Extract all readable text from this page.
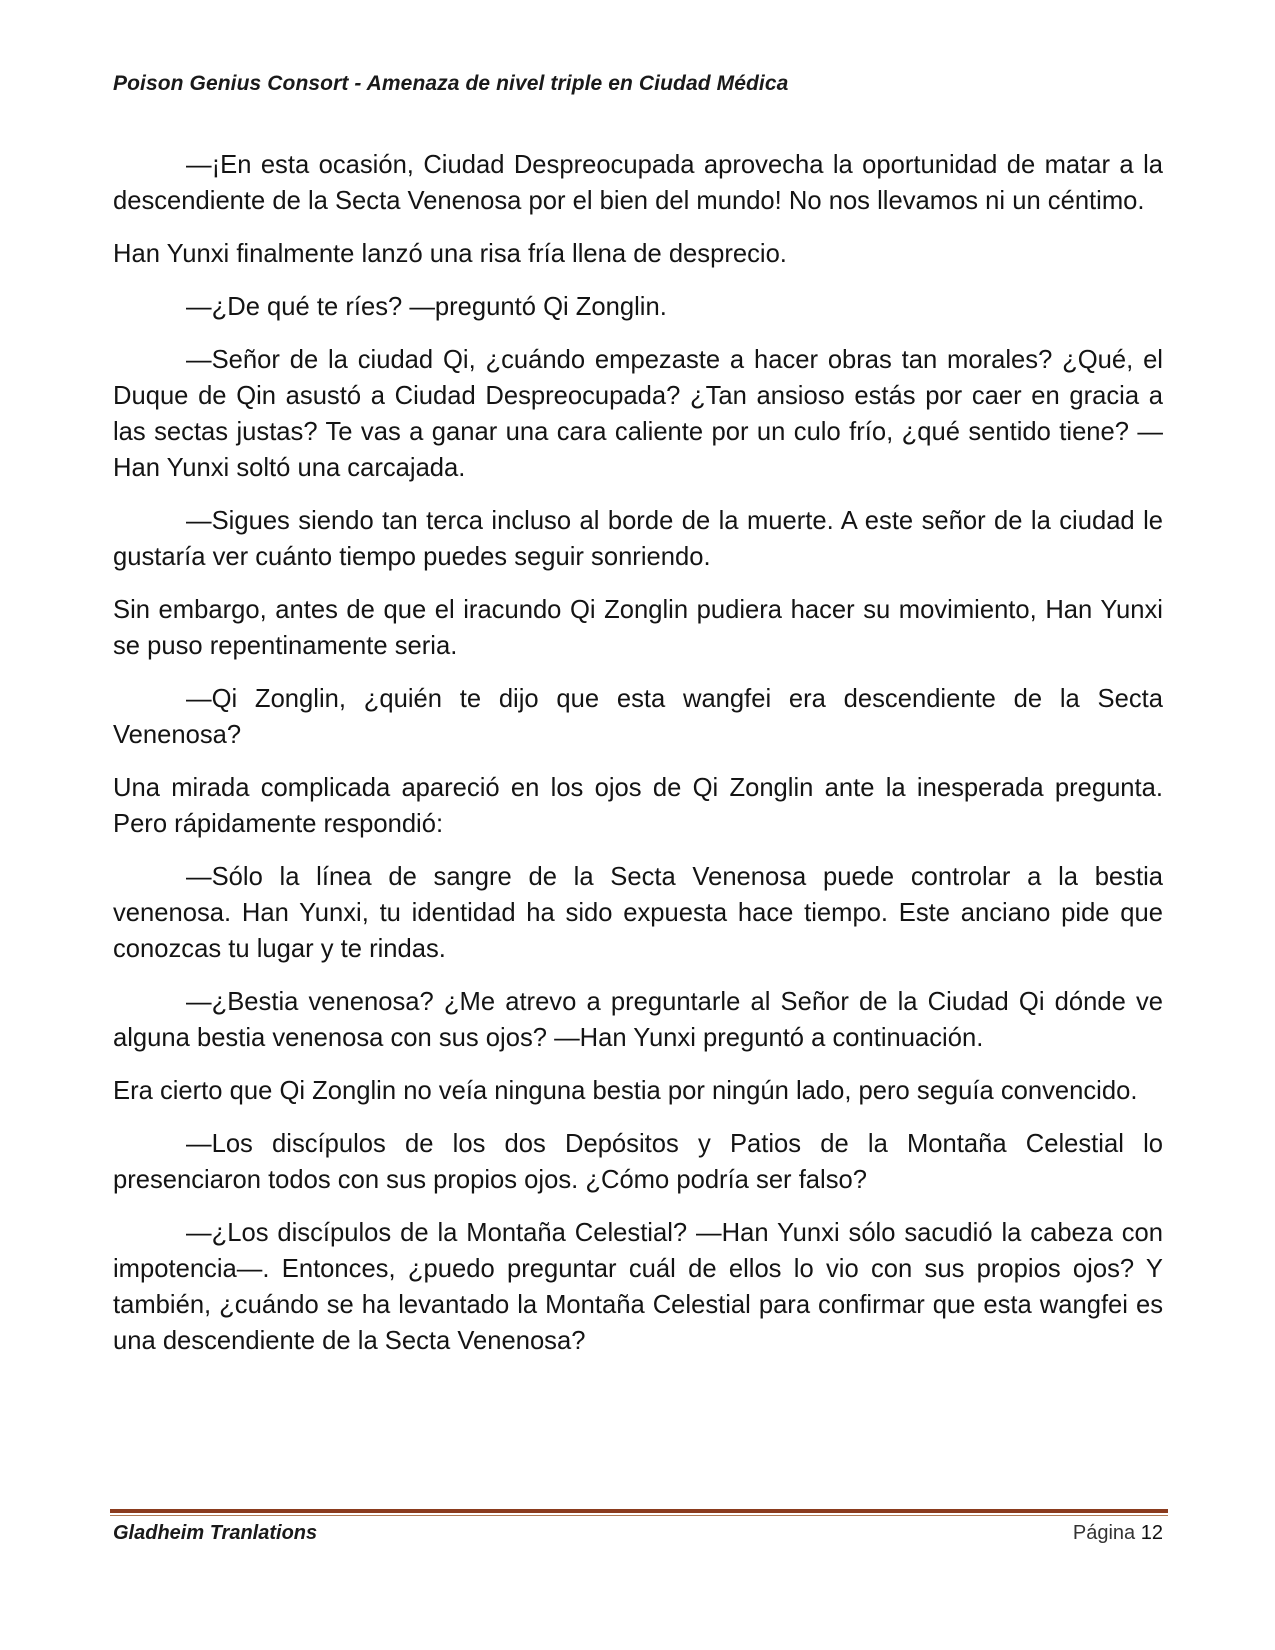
Poison Genius Consort - Amenaza de nivel triple en Ciudad Médica

—¡En esta ocasión, Ciudad Despreocupada aprovecha la oportunidad de matar a la descendiente de la Secta Venenosa por el bien del mundo! No nos llevamos ni un céntimo.

Han Yunxi finalmente lanzó una risa fría llena de desprecio.

—¿De qué te ríes? —preguntó Qi Zonglin.

—Señor de la ciudad Qi, ¿cuándo empezaste a hacer obras tan morales? ¿Qué, el Duque de Qin asustó a Ciudad Despreocupada? ¿Tan ansioso estás por caer en gracia a las sectas justas? Te vas a ganar una cara caliente por un culo frío, ¿qué sentido tiene? —Han Yunxi soltó una carcajada.

—Sigues siendo tan terca incluso al borde de la muerte. A este señor de la ciudad le gustaría ver cuánto tiempo puedes seguir sonriendo.

Sin embargo, antes de que el iracundo Qi Zonglin pudiera hacer su movimiento, Han Yunxi se puso repentinamente seria.

—Qi Zonglin, ¿quién te dijo que esta wangfei era descendiente de la Secta Venenosa?

Una mirada complicada apareció en los ojos de Qi Zonglin ante la inesperada pregunta. Pero rápidamente respondió:

—Sólo la línea de sangre de la Secta Venenosa puede controlar a la bestia venenosa. Han Yunxi, tu identidad ha sido expuesta hace tiempo. Este anciano pide que conozcas tu lugar y te rindas.

—¿Bestia venenosa? ¿Me atrevo a preguntarle al Señor de la Ciudad Qi dónde ve alguna bestia venenosa con sus ojos? —Han Yunxi preguntó a continuación.

Era cierto que Qi Zonglin no veía ninguna bestia por ningún lado, pero seguía convencido.

—Los discípulos de los dos Depósitos y Patios de la Montaña Celestial lo presenciaron todos con sus propios ojos. ¿Cómo podría ser falso?

—¿Los discípulos de la Montaña Celestial? —Han Yunxi sólo sacudió la cabeza con impotencia—. Entonces, ¿puedo preguntar cuál de ellos lo vio con sus propios ojos? Y también, ¿cuándo se ha levantado la Montaña Celestial para confirmar que esta wangfei es una descendiente de la Secta Venenosa?

Gladheim Tranlations	Página 12
